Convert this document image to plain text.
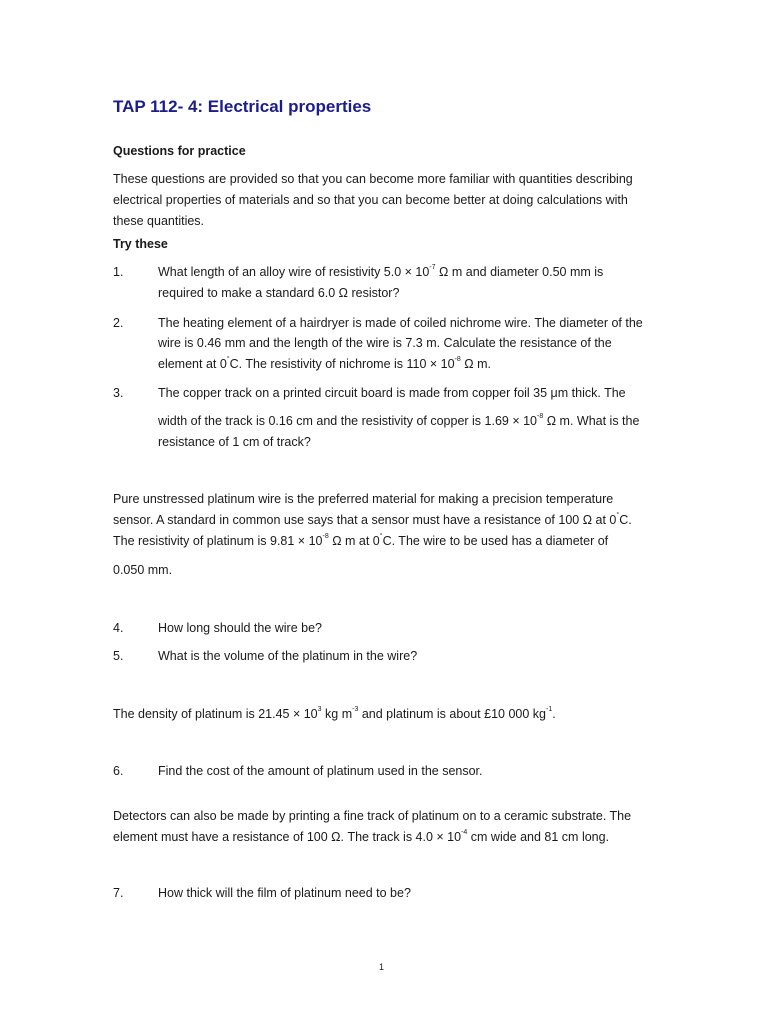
TAP 112- 4: Electrical properties
Questions for practice
These questions are provided so that you can become more familiar with quantities describing
electrical properties of materials and so that you can become better at doing calculations with
these quantities.
Try these
1.	What length of an alloy wire of resistivity $5.0 \times 10^{-7}$ Ω m and diameter 0.50 mm is
required to make a standard 6.0 Ω resistor?
2.	The heating element of a hairdryer is made of coiled nichrome wire. The diameter of the
wire is 0.46 mm and the length of the wire is 7.3 m. Calculate the resistance of the
element at 0°C. The resistivity of nichrome is $110 \times 10^{-8}$ Ω m.
3.	The copper track on a printed circuit board is made from copper foil 35 μm thick. The
width of the track is 0.16 cm and the resistivity of copper is $1.69 \times 10^{-8}$ Ω m. What is the
resistance of 1 cm of track?
Pure unstressed platinum wire is the preferred material for making a precision temperature
sensor. A standard in common use says that a sensor must have a resistance of 100 Ω at 0°C.
The resistivity of platinum is $9.81 \times 10^{-8}$ Ω m at 0°C. The wire to be used has a diameter of
0.050 mm.
4.	How long should the wire be?
5.	What is the volume of the platinum in the wire?
The density of platinum is $21.45 \times 10^3$ kg $m^{-3}$ and platinum is about £10 000 $kg^{-1}$.
6.	Find the cost of the amount of platinum used in the sensor.
Detectors can also be made by printing a fine track of platinum on to a ceramic substrate. The
element must have a resistance of 100 Ω. The track is $4.0 \times 10^{-4}$ cm wide and 81 cm long.
7.	How thick will the film of platinum need to be?
1
